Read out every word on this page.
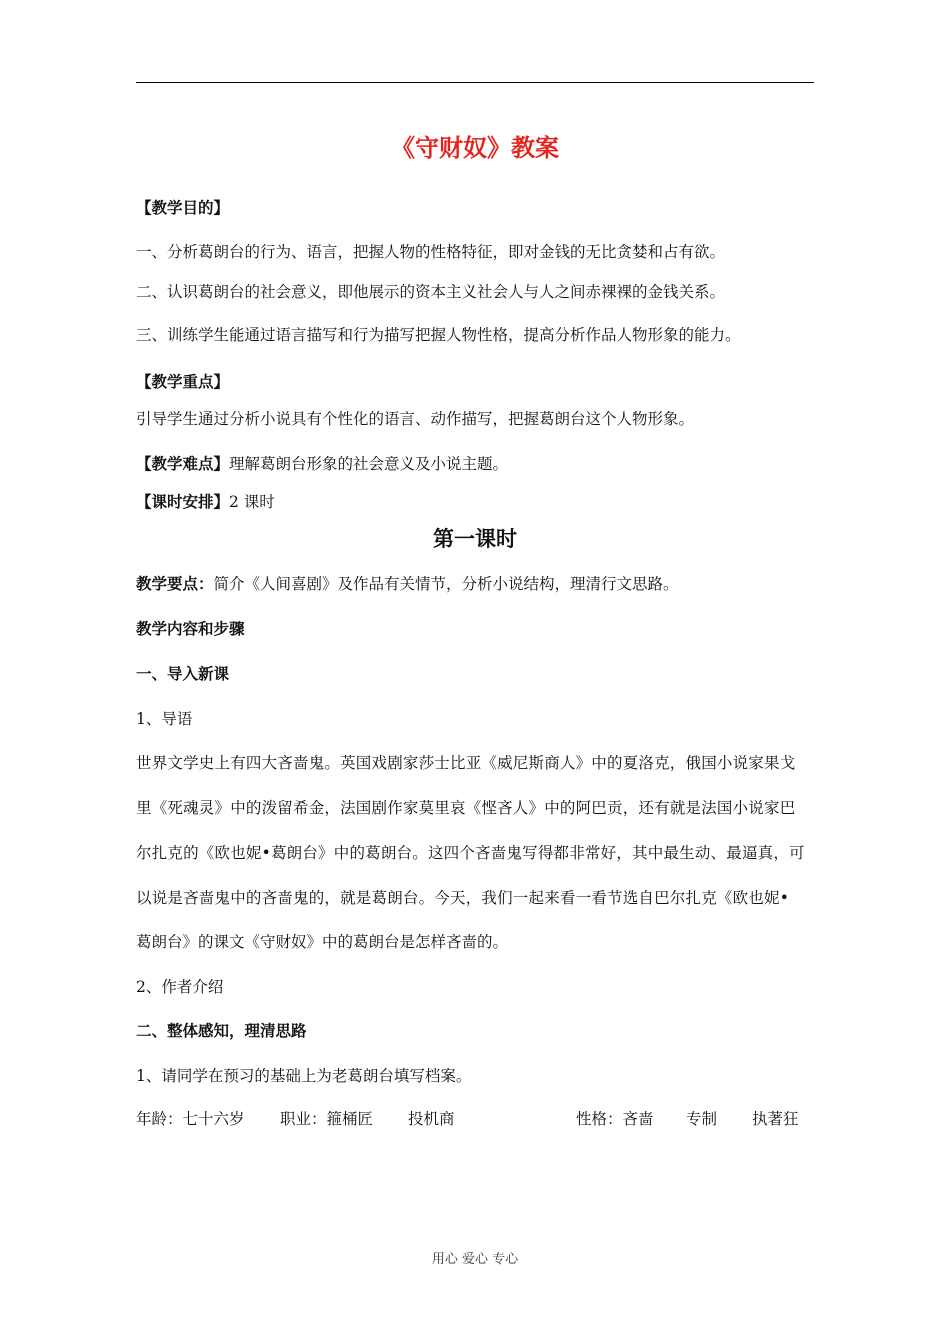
《守财奴》教案
【教学目的】
一、分析葛朗台的行为、语言，把握人物的性格特征，即对金钱的无比贪婪和占有欲。
二、认识葛朗台的社会意义，即他展示的资本主义社会人与人之间赤裸裸的金钱关系。
三、训练学生能通过语言描写和行为描写把握人物性格，提高分析作品人物形象的能力。
【教学重点】
引导学生通过分析小说具有个性化的语言、动作描写，把握葛朗台这个人物形象。
【教学难点】理解葛朗台形象的社会意义及小说主题。
【课时安排】2 课时
第一课时
教学要点：简介《人间喜剧》及作品有关情节，分析小说结构，理清行文思路。
教学内容和步骤
一、导入新课
1、导语
世界文学史上有四大吝啬鬼。英国戏剧家莎士比亚《威尼斯商人》中的夏洛克，俄国小说家果戈
里《死魂灵》中的泼留希金，法国剧作家莫里哀《悭吝人》中的阿巴贡，还有就是法国小说家巴
尔扎克的《欧也妮•葛朗台》中的葛朗台。这四个吝啬鬼写得都非常好，其中最生动、最逼真，可
以说是吝啬鬼中的吝啬鬼的，就是葛朗台。今天，我们一起来看一看节选自巴尔扎克《欧也妮•
葛朗台》的课文《守财奴》中的葛朗台是怎样吝啬的。
2、作者介绍
二、整体感知，理清思路
1、请同学在预习的基础上为老葛朗台填写档案。
年龄：七十六岁 职业：箍桶匠 投机商	性格：吝啬 专制 执著狂
用心 爱心 专心
